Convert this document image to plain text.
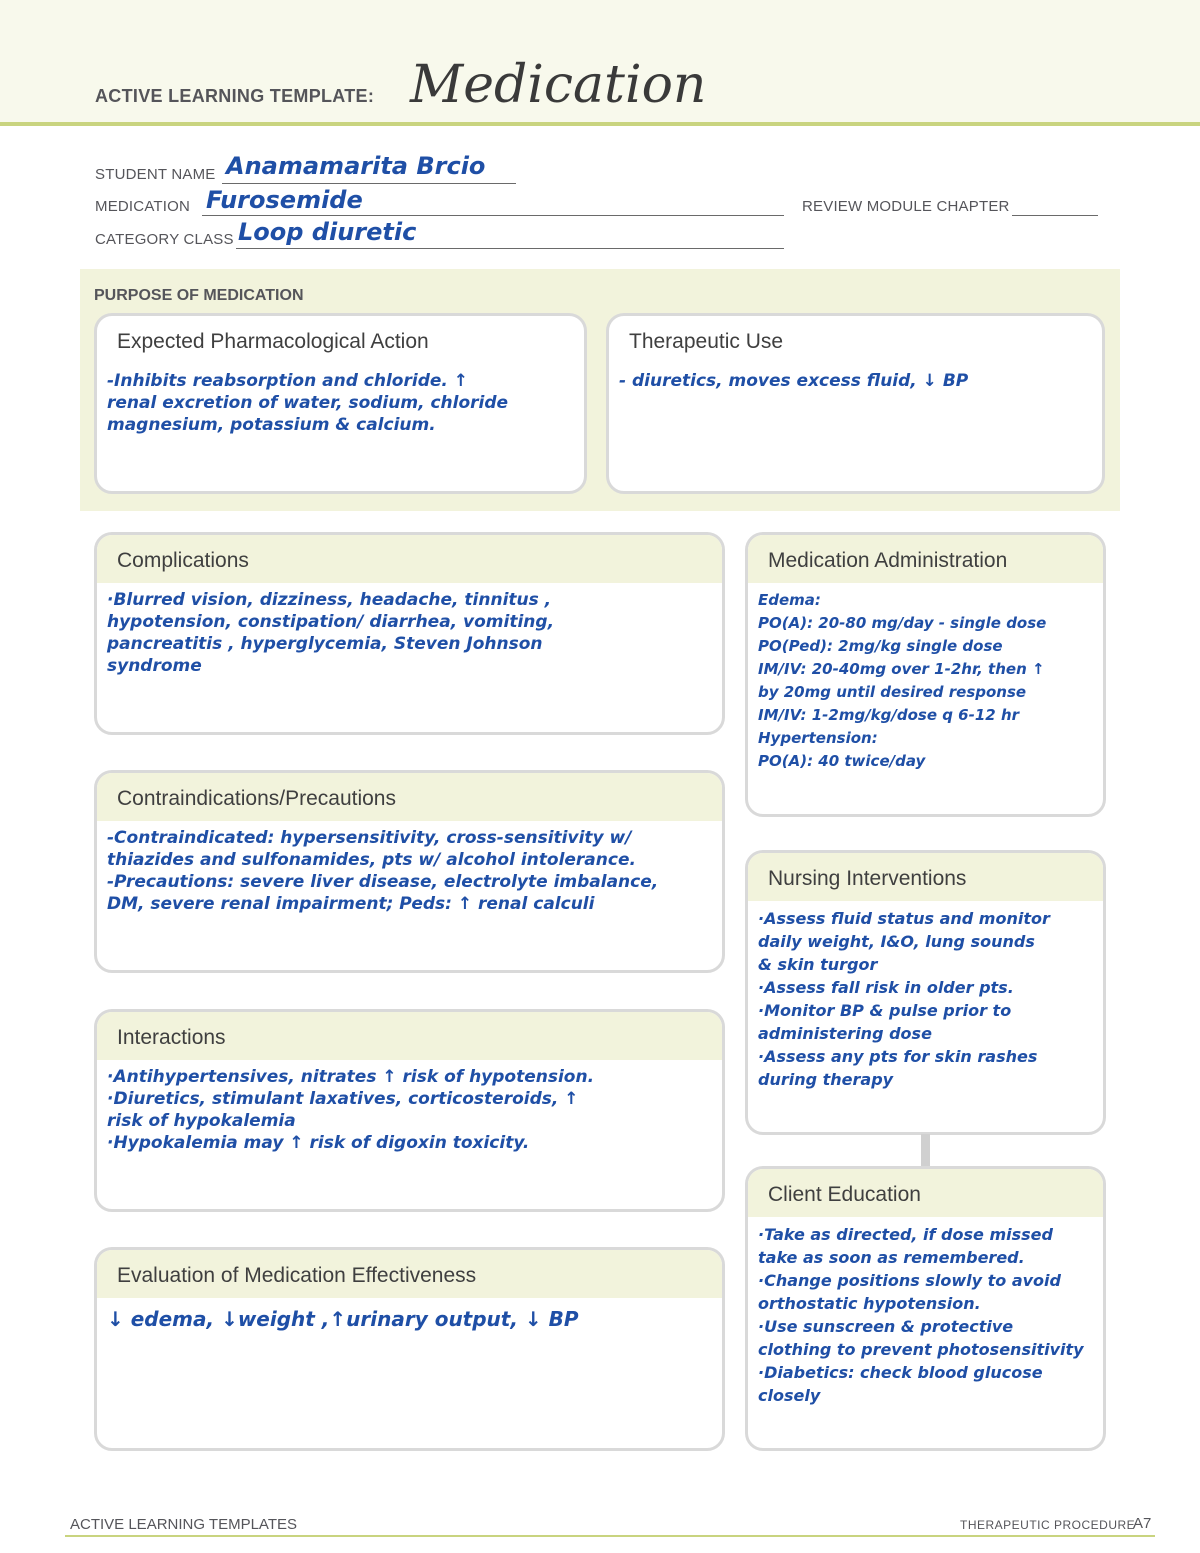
ACTIVE LEARNING TEMPLATE: Medication
STUDENT NAME Anamamarita Brcio
MEDICATION Furosemide	REVIEW MODULE CHAPTER
CATEGORY CLASS Loop diuretic
PURPOSE OF MEDICATION
Expected Pharmacological Action

-Inhibits reabsorption and chloride. ↑

renal excretion of water, sodium, chloride

magnesium, potassium & calcium.

Therapeutic Use

- diuretics, moves excess fluid, ↓ BP

Complications

·Blurred vision, dizziness, headache, tinnitus ,

hypotension, constipation/ diarrhea, vomiting,

pancreatitis , hyperglycemia, Steven Johnson

syndrome

Contraindications/Precautions

-Contraindicated: hypersensitivity, cross-sensitivity w/

thiazides and sulfonamides, pts w/ alcohol intolerance.

-Precautions: severe liver disease, electrolyte imbalance,

DM, severe renal impairment; Peds: ↑ renal calculi

Interactions

·Antihypertensives, nitrates ↑ risk of hypotension.

·Diuretics, stimulant laxatives, corticosteroids, ↑

risk of hypokalemia

·Hypokalemia may ↑ risk of digoxin toxicity.

Evaluation of Medication Effectiveness

↓ edema, ↓weight ,↑urinary output, ↓ BP

Medication Administration

Edema:

PO(A): 20-80 mg/day - single dose

PO(Ped): 2mg/kg single dose

IM/IV: 20-40mg over 1-2hr, then ↑

by 20mg until desired response

IM/IV: 1-2mg/kg/dose q 6-12 hr

Hypertension:

PO(A): 40 twice/day

Nursing Interventions

·Assess fluid status and monitor

daily weight, I&O, lung sounds

& skin turgor

·Assess fall risk in older pts.

·Monitor BP & pulse prior to

administering dose

·Assess any pts for skin rashes

during therapy

Client Education

·Take as directed, if dose missed

take as soon as remembered.

·Change positions slowly to avoid

orthostatic hypotension.

·Use sunscreen & protective

clothing to prevent photosensitivity

·Diabetics: check blood glucose

closely

ACTIVE LEARNING TEMPLATES	THERAPEUTIC PROCEDURE
A7
